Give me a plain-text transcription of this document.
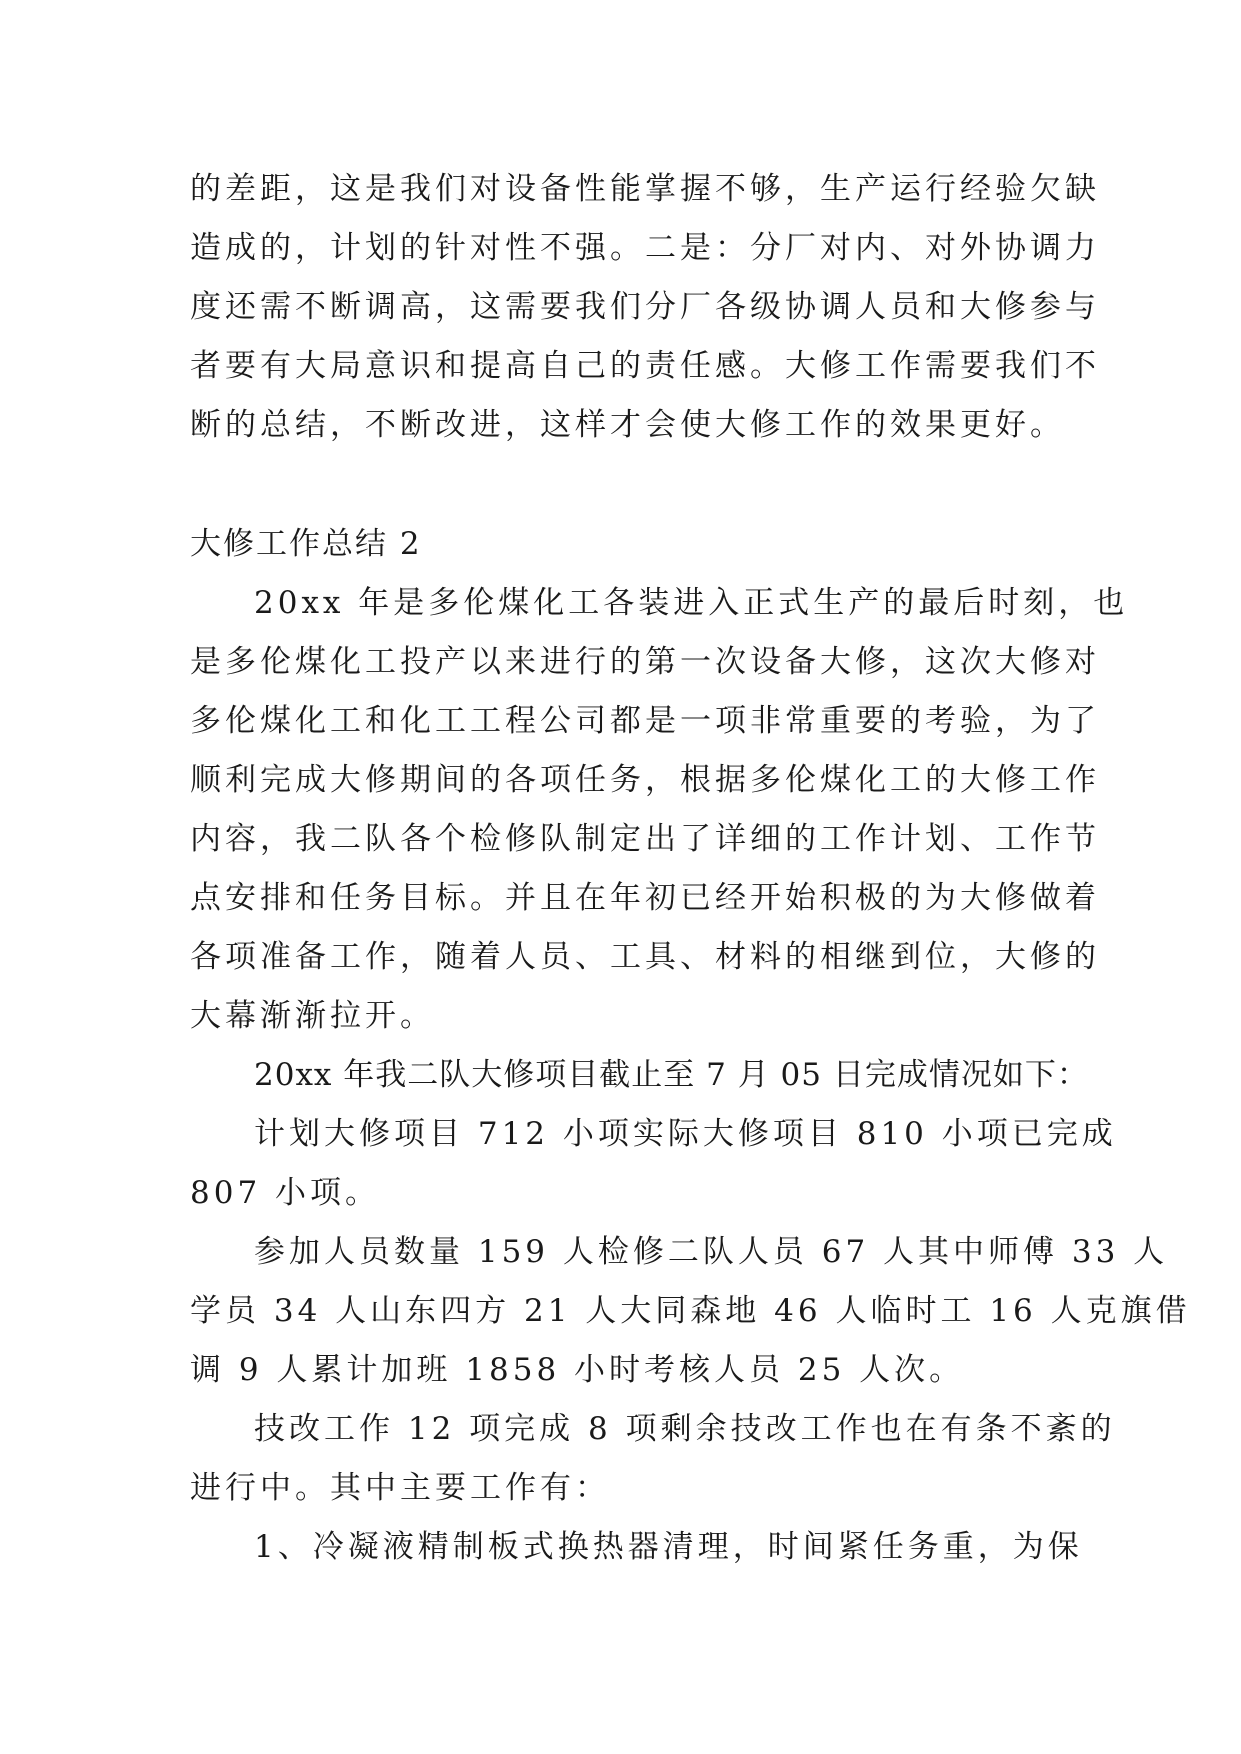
的差距，这是我们对设备性能掌握不够，生产运行经验欠缺
造成的，计划的针对性不强。二是：分厂对内、对外协调力
度还需不断调高，这需要我们分厂各级协调人员和大修参与
者要有大局意识和提高自己的责任感。大修工作需要我们不
断的总结，不断改进，这样才会使大修工作的效果更好。

大修工作总结 2

20xx 年是多伦煤化工各装进入正式生产的最后时刻，也
是多伦煤化工投产以来进行的第一次设备大修，这次大修对
多伦煤化工和化工工程公司都是一项非常重要的考验，为了
顺利完成大修期间的各项任务，根据多伦煤化工的大修工作
内容，我二队各个检修队制定出了详细的工作计划、工作节
点安排和任务目标。并且在年初已经开始积极的为大修做着
各项准备工作，随着人员、工具、材料的相继到位，大修的
大幕渐渐拉开。

20xx 年我二队大修项目截止至 7 月 05 日完成情况如下：

计划大修项目 712 小项实际大修项目 810 小项已完成
807 小项。

参加人员数量 159 人检修二队人员 67 人其中师傅 33 人
学员 34 人山东四方 21 人大同森地 46 人临时工 16 人克旗借
调 9 人累计加班 1858 小时考核人员 25 人次。

技改工作 12 项完成 8 项剩余技改工作也在有条不紊的
进行中。其中主要工作有：

1、冷凝液精制板式换热器清理，时间紧任务重，为保
